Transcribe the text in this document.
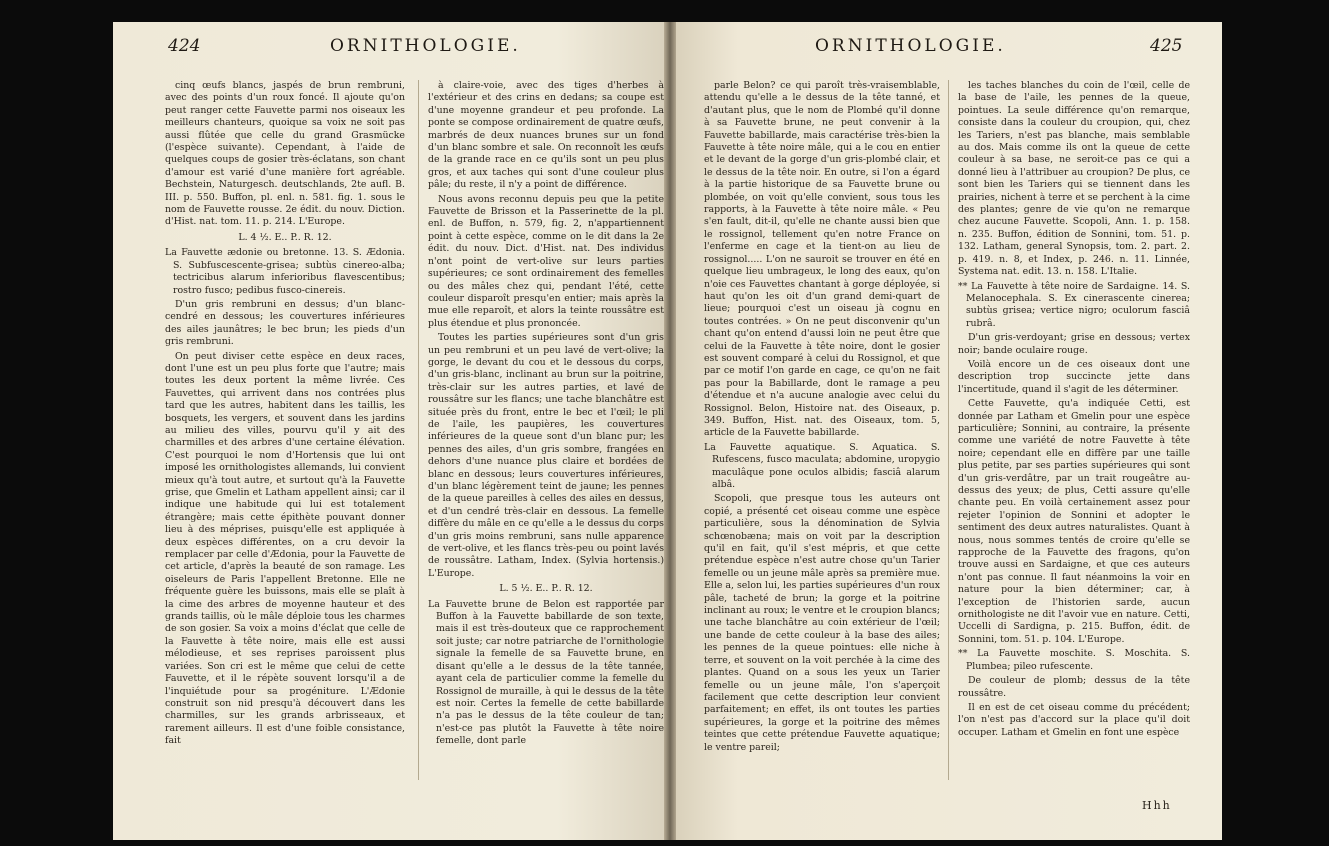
424	ORNITHOLOGIE.	ORNITHOLOGIE.	425

cinq œufs blancs, jaspés de brun rembruni, avec des points d'un roux foncé. Il ajoute qu'on peut ranger cette Fauvette parmi nos oiseaux les meilleurs chanteurs, quoique sa voix ne soit pas aussi flûtée que celle du grand Grasmücke (l'espèce suivante). Cependant, à l'aide de quelques coups de gosier très-éclatans, son chant d'amour est varié d'une manière fort agréable. Bechstein, Naturgesch. deutschlands, 2te aufl. B. III. p. 550. Buffon, pl. enl. n. 581. fig. 1. sous le nom de Fauvette rousse. 2e édit. du nouv. Diction. d'Hist. nat. tom. 11. p. 214. L'Europe.

L. 4 ½. E.. P.. R. 12.

La Fauvette ædonie ou bretonne. 13. S. Ædonia. S. Subfuscescente-grisea; subtùs cinereo-alba; tectricibus alarum inferioribus flavescentibus; rostro fusco; pedibus fusco-cinereis.

D'un gris rembruni en dessus; d'un blanc-cendré en dessous; les couvertures inférieures des ailes jaunâtres; le bec brun; les pieds d'un gris rembruni.

On peut diviser cette espèce en deux races, dont l'une est un peu plus forte que l'autre; mais toutes les deux portent la même livrée. Ces Fauvettes, qui arrivent dans nos contrées plus tard que les autres, habitent dans les taillis, les bosquets, les vergers, et souvent dans les jardins au milieu des villes, pourvu qu'il y ait des charmilles et des arbres d'une certaine élévation. C'est pourquoi le nom d'Hortensis que lui ont imposé les ornithologistes allemands, lui convient mieux qu'à tout autre, et surtout qu'à la Fauvette grise, que Gmelin et Latham appellent ainsi; car il indique une habitude qui lui est totalement étrangère; mais cette épithète pouvant donner lieu à des méprises, puisqu'elle est appliquée à deux espèces différentes, on a cru devoir la remplacer par celle d'Ædonia, pour la Fauvette de cet article, d'après la beauté de son ramage. Les oiseleurs de Paris l'appellent Bretonne. Elle ne fréquente guère les buissons, mais elle se plaît à la cime des arbres de moyenne hauteur et des grands taillis, où le mâle déploie tous les charmes de son gosier. Sa voix a moins d'éclat que celle de la Fauvette à tête noire, mais elle est aussi mélodieuse, et ses reprises paroissent plus variées. Son cri est le même que celui de cette Fauvette, et il le répète souvent lorsqu'il a de l'inquiétude pour sa progéniture. L'Ædonie construit son nid presqu'à découvert dans les charmilles, sur les grands arbrisseaux, et rarement ailleurs. Il est d'une foible consistance, fait

à claire-voie, avec des tiges d'herbes à l'extérieur et des crins en dedans; sa coupe est d'une moyenne grandeur et peu profonde. La ponte se compose ordinairement de quatre œufs, marbrés de deux nuances brunes sur un fond d'un blanc sombre et sale. On reconnoît les œufs de la grande race en ce qu'ils sont un peu plus gros, et aux taches qui sont d'une couleur plus pâle; du reste, il n'y a point de différence.

Nous avons reconnu depuis peu que la petite Fauvette de Brisson et la Passerinette de la pl. enl. de Buffon, n. 579, fig. 2, n'appartiennent point à cette espèce, comme on le dit dans la 2e édit. du nouv. Dict. d'Hist. nat. Des individus n'ont point de vert-olive sur leurs parties supérieures; ce sont ordinairement des femelles ou des mâles chez qui, pendant l'été, cette couleur disparoît presqu'en entier; mais après la mue elle reparoît, et alors la teinte roussâtre est plus étendue et plus prononcée.

Toutes les parties supérieures sont d'un gris un peu rembruni et un peu lavé de vert-olive; la gorge, le devant du cou et le dessous du corps, d'un gris-blanc, inclinant au brun sur la poitrine, très-clair sur les autres parties, et lavé de roussâtre sur les flancs; une tache blanchâtre est située près du front, entre le bec et l'œil; le pli de l'aile, les paupières, les couvertures inférieures de la queue sont d'un blanc pur; les pennes des ailes, d'un gris sombre, frangées en dehors d'une nuance plus claire et bordées de blanc en dessous; leurs couvertures inférieures, d'un blanc légèrement teint de jaune; les pennes de la queue pareilles à celles des ailes en dessus, et d'un cendré très-clair en dessous. La femelle diffère du mâle en ce qu'elle a le dessus du corps d'un gris moins rembruni, sans nulle apparence de vert-olive, et les flancs très-peu ou point lavés de roussâtre. Latham, Index. (Sylvia hortensis.) L'Europe.

L. 5 ½. E.. P.. R. 12.

La Fauvette brune de Belon est rapportée par Buffon à la Fauvette babillarde de son texte, mais il est très-douteux que ce rapprochement soit juste; car notre patriarche de l'ornithologie signale la femelle de sa Fauvette brune, en disant qu'elle a le dessus de la tête tannée, ayant cela de particulier comme la femelle du Rossignol de muraille, à qui le dessus de la tête est noir. Certes la femelle de cette babillarde n'a pas le dessus de la tête couleur de tan; n'est-ce pas plutôt la Fauvette à tête noire femelle, dont parle

parle Belon? ce qui paroît très-vraisemblable, attendu qu'elle a le dessus de la tête tanné, et d'autant plus, que le nom de Plombé qu'il donne à sa Fauvette brune, ne peut convenir à la Fauvette babillarde, mais caractérise très-bien la Fauvette à tête noire mâle, qui a le cou en entier et le devant de la gorge d'un gris-plombé clair, et le dessus de la tête noir. En outre, si l'on a égard à la partie historique de sa Fauvette brune ou plombée, on voit qu'elle convient, sous tous les rapports, à la Fauvette à tête noire mâle. « Peu s'en fault, dit-il, qu'elle ne chante aussi bien que le rossignol, tellement qu'en notre France on l'enferme en cage et la tient-on au lieu de rossignol..... L'on ne sauroit se trouver en été en quelque lieu umbrageux, le long des eaux, qu'on n'oie ces Fauvettes chantant à gorge déployée, si haut qu'on les oit d'un grand demi-quart de lieue; pourquoi c'est un oiseau jà cognu en toutes contrées. » On ne peut disconvenir qu'un chant qu'on entend d'aussi loin ne peut être que celui de la Fauvette à tête noire, dont le gosier est souvent comparé à celui du Rossignol, et que par ce motif l'on garde en cage, ce qu'on ne fait pas pour la Babillarde, dont le ramage a peu d'étendue et n'a aucune analogie avec celui du Rossignol. Belon, Histoire nat. des Oiseaux, p. 349. Buffon, Hist. nat. des Oiseaux, tom. 5, article de la Fauvette babillarde.

La Fauvette aquatique. S. Aquatica. S. Rufescens, fusco maculata; abdomine, uropygio maculâque pone oculos albidis; fasciâ alarum albâ.

Scopoli, que presque tous les auteurs ont copié, a présenté cet oiseau comme une espèce particulière, sous la dénomination de Sylvia schœnobæna; mais on voit par la description qu'il en fait, qu'il s'est mépris, et que cette prétendue espèce n'est autre chose qu'un Tarier femelle ou un jeune mâle après sa première mue. Elle a, selon lui, les parties supérieures d'un roux pâle, tacheté de brun; la gorge et la poitrine inclinant au roux; le ventre et le croupion blancs; une tache blanchâtre au coin extérieur de l'œil; une bande de cette couleur à la base des ailes; les pennes de la queue pointues: elle niche à terre, et souvent on la voit perchée à la cime des plantes. Quand on a sous les yeux un Tarier femelle ou un jeune mâle, l'on s'aperçoit facilement que cette description leur convient parfaitement; en effet, ils ont toutes les parties supérieures, la gorge et la poitrine des mêmes teintes que cette prétendue Fauvette aquatique; le ventre pareil;

les taches blanches du coin de l'œil, celle de la base de l'aile, les pennes de la queue, pointues. La seule différence qu'on remarque, consiste dans la couleur du croupion, qui, chez les Tariers, n'est pas blanche, mais semblable au dos. Mais comme ils ont la queue de cette couleur à sa base, ne seroit-ce pas ce qui a donné lieu à l'attribuer au croupion? De plus, ce sont bien les Tariers qui se tiennent dans les prairies, nichent à terre et se perchent à la cime des plantes; genre de vie qu'on ne remarque chez aucune Fauvette. Scopoli, Ann. 1. p. 158. n. 235. Buffon, édition de Sonnini, tom. 51. p. 132. Latham, general Synopsis, tom. 2. part. 2. p. 419. n. 8, et Index, p. 246. n. 11. Linnée, Systema nat. edit. 13. n. 158. L'Italie.

** La Fauvette à tête noire de Sardaigne. 14. S. Melanocephala. S. Ex cinerascente cinerea; subtùs grisea; vertice nigro; oculorum fasciâ rubrâ.

D'un gris-verdoyant; grise en dessous; vertex noir; bande oculaire rouge.

Voilà encore un de ces oiseaux dont une description trop succincte jette dans l'incertitude, quand il s'agit de les déterminer.

Cette Fauvette, qu'a indiquée Cetti, est donnée par Latham et Gmelin pour une espèce particulière; Sonnini, au contraire, la présente comme une variété de notre Fauvette à tête noire; cependant elle en diffère par une taille plus petite, par ses parties supérieures qui sont d'un gris-verdâtre, par un trait rougeâtre au-dessus des yeux; de plus, Cetti assure qu'elle chante peu. En voilà certainement assez pour rejeter l'opinion de Sonnini et adopter le sentiment des deux autres naturalistes. Quant à nous, nous sommes tentés de croire qu'elle se rapproche de la Fauvette des fragons, qu'on trouve aussi en Sardaigne, et que ces auteurs n'ont pas connue. Il faut néanmoins la voir en nature pour la bien déterminer; car, à l'exception de l'historien sarde, aucun ornithologiste ne dit l'avoir vue en nature. Cetti, Uccelli di Sardigna, p. 215. Buffon, édit. de Sonnini, tom. 51. p. 104. L'Europe.

** La Fauvette moschite. S. Moschita. S. Plumbea; pileo rufescente.

De couleur de plomb; dessus de la tête roussâtre.

Il en est de cet oiseau comme du précédent; l'on n'est pas d'accord sur la place qu'il doit occuper. Latham et Gmelin en font une espèce

Hhh
